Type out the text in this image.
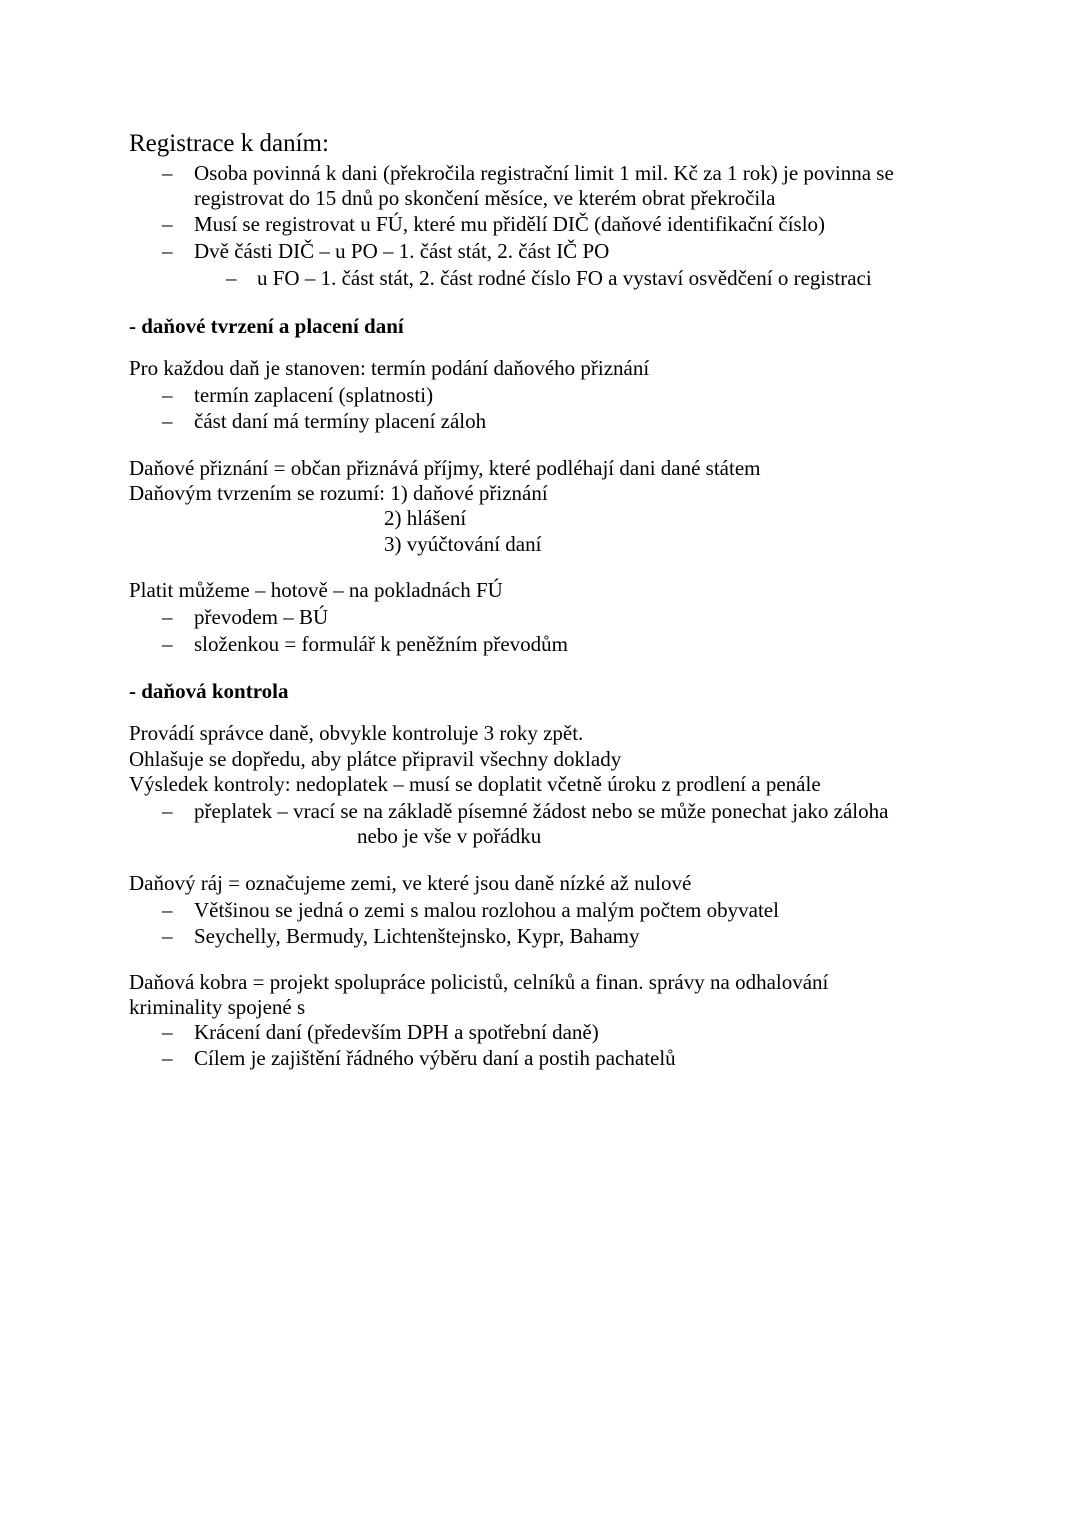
Registrace k daním:
– Osoba povinná k dani (překročila registrační limit 1 mil. Kč za 1 rok) je povinna se
registrovat do 15 dnů po skončení měsíce, ve kterém obrat překročila
– Musí se registrovat u FÚ, které mu přidělí DIČ (daňové identifikační číslo)
– Dvě části DIČ – u PO – 1. část stát, 2. část IČ PO
– u FO – 1. část stát, 2. část rodné číslo FO a vystaví osvědčení o registraci
- daňové tvrzení a placení daní
Pro každou daň je stanoven: termín podání daňového přiznání
– termín zaplacení (splatnosti)
– část daní má termíny placení záloh
Daňové přiznání = občan přiznává příjmy, které podléhají dani dané státem
Daňovým tvrzením se rozumí: 1) daňové přiznání
2) hlášení
3) vyúčtování daní
Platit můžeme – hotově – na pokladnách FÚ
– převodem – BÚ
– složenkou = formulář k peněžním převodům
- daňová kontrola
Provádí správce daně, obvykle kontroluje 3 roky zpět.
Ohlašuje se dopředu, aby plátce připravil všechny doklady
Výsledek kontroly: nedoplatek – musí se doplatit včetně úroku z prodlení a penále
– přeplatek – vrací se na základě písemné žádost nebo se může ponechat jako záloha
nebo je vše v pořádku
Daňový ráj = označujeme zemi, ve které jsou daně nízké až nulové
– Většinou se jedná o zemi s malou rozlohou a malým počtem obyvatel
– Seychelly, Bermudy, Lichtenštejnsko, Kypr, Bahamy
Daňová kobra = projekt spolupráce policistů, celníků a finan. správy na odhalování
kriminality spojené s
– Krácení daní (především DPH a spotřební daně)
– Cílem je zajištění řádného výběru daní a postih pachatelů
